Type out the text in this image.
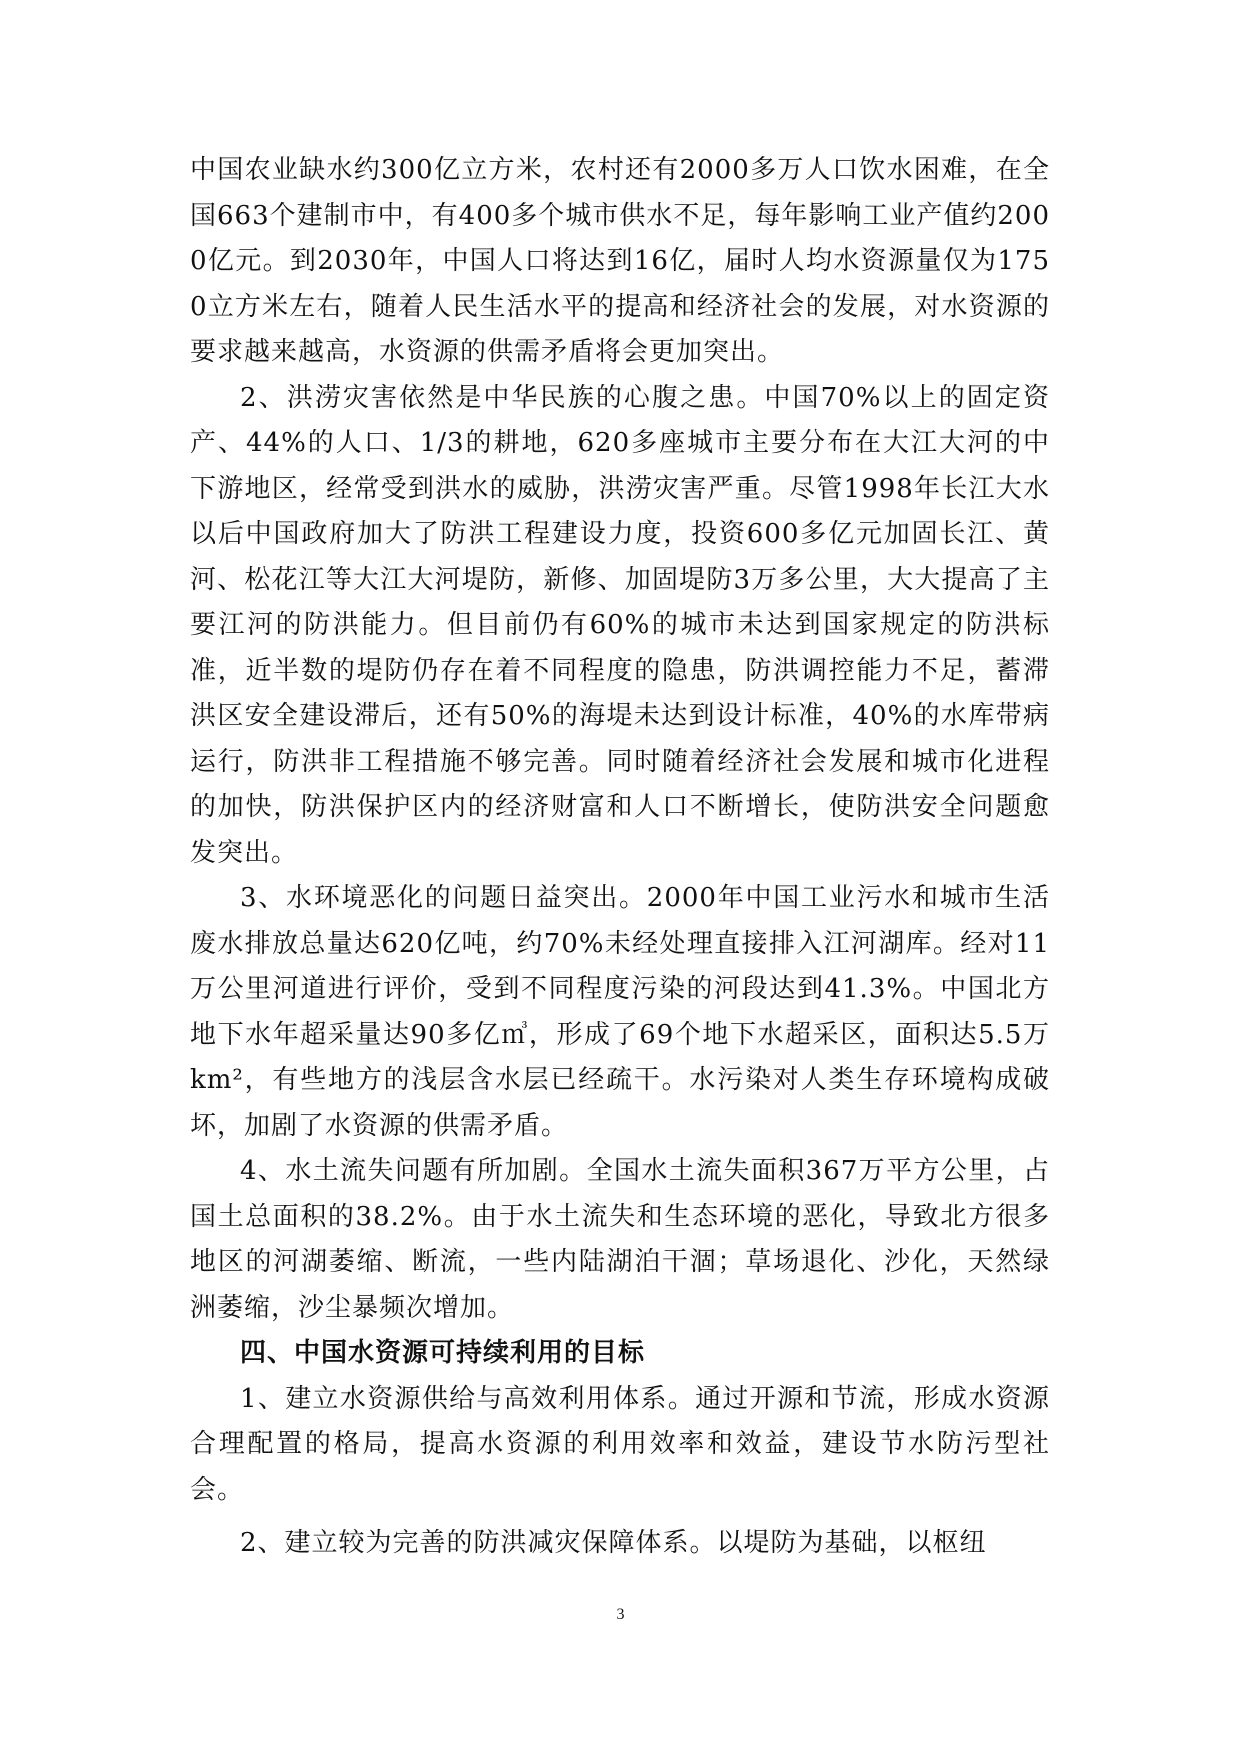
中国农业缺水约300亿立方米，农村还有2000多万人口饮水困难，在全国663个建制市中，有400多个城市供水不足，每年影响工业产值约2000亿元。到2030年，中国人口将达到16亿，届时人均水资源量仅为1750立方米左右，随着人民生活水平的提高和经济社会的发展，对水资源的要求越来越高，水资源的供需矛盾将会更加突出。

2、洪涝灾害依然是中华民族的心腹之患。中国70%以上的固定资产、44%的人口、1/3的耕地，620多座城市主要分布在大江大河的中下游地区，经常受到洪水的威胁，洪涝灾害严重。尽管1998年长江大水以后中国政府加大了防洪工程建设力度，投资600多亿元加固长江、黄河、松花江等大江大河堤防，新修、加固堤防3万多公里，大大提高了主要江河的防洪能力。但目前仍有60%的城市未达到国家规定的防洪标准，近半数的堤防仍存在着不同程度的隐患，防洪调控能力不足，蓄滞洪区安全建设滞后，还有50%的海堤未达到设计标准，40%的水库带病运行，防洪非工程措施不够完善。同时随着经济社会发展和城市化进程的加快，防洪保护区内的经济财富和人口不断增长，使防洪安全问题愈发突出。

3、水环境恶化的问题日益突出。2000年中国工业污水和城市生活废水排放总量达620亿吨，约70%未经处理直接排入江河湖库。经对11万公里河道进行评价，受到不同程度污染的河段达到41.3%。中国北方地下水年超采量达90多亿㎥，形成了69个地下水超采区，面积达5.5万km²，有些地方的浅层含水层已经疏干。水污染对人类生存环境构成破坏，加剧了水资源的供需矛盾。

4、水土流失问题有所加剧。全国水土流失面积367万平方公里，占国土总面积的38.2%。由于水土流失和生态环境的恶化，导致北方很多地区的河湖萎缩、断流，一些内陆湖泊干涸；草场退化、沙化，天然绿洲萎缩，沙尘暴频次增加。

四、中国水资源可持续利用的目标

1、建立水资源供给与高效利用体系。通过开源和节流，形成水资源合理配置的格局，提高水资源的利用效率和效益，建设节水防污型社会。

2、建立较为完善的防洪减灾保障体系。以堤防为基础，以枢纽

3
